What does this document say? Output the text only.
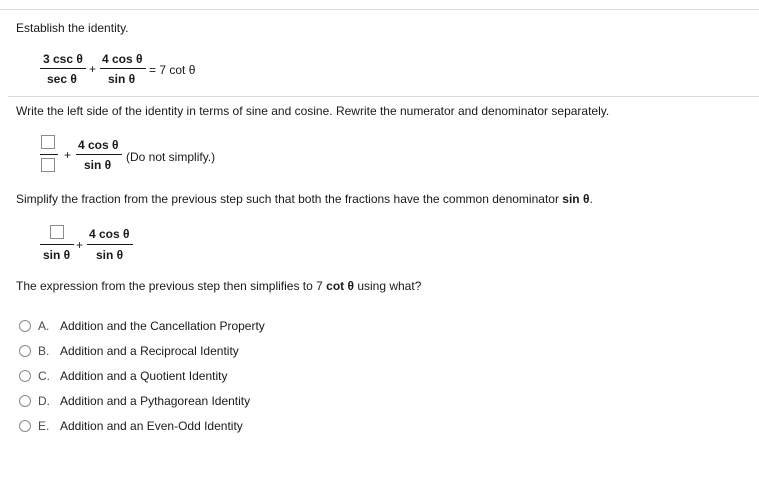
Establish the identity.
3 csc θ
sec θ
+
4 cos θ
sin θ
= 7 cot θ
Write the left side of the identity in terms of sine and cosine. Rewrite the numerator and denominator separately.
+
4 cos θ
sin θ
(Do not simplify.)
Simplify the fraction from the previous step such that both the fractions have the common denominator sin θ.
sin θ
+
4 cos θ
sin θ
The expression from the previous step then simplifies to 7 cot θ using what?
A. Addition and the Cancellation Property
B. Addition and a Reciprocal Identity
C. Addition and a Quotient Identity
D. Addition and a Pythagorean Identity
E. Addition and an Even-Odd Identity
